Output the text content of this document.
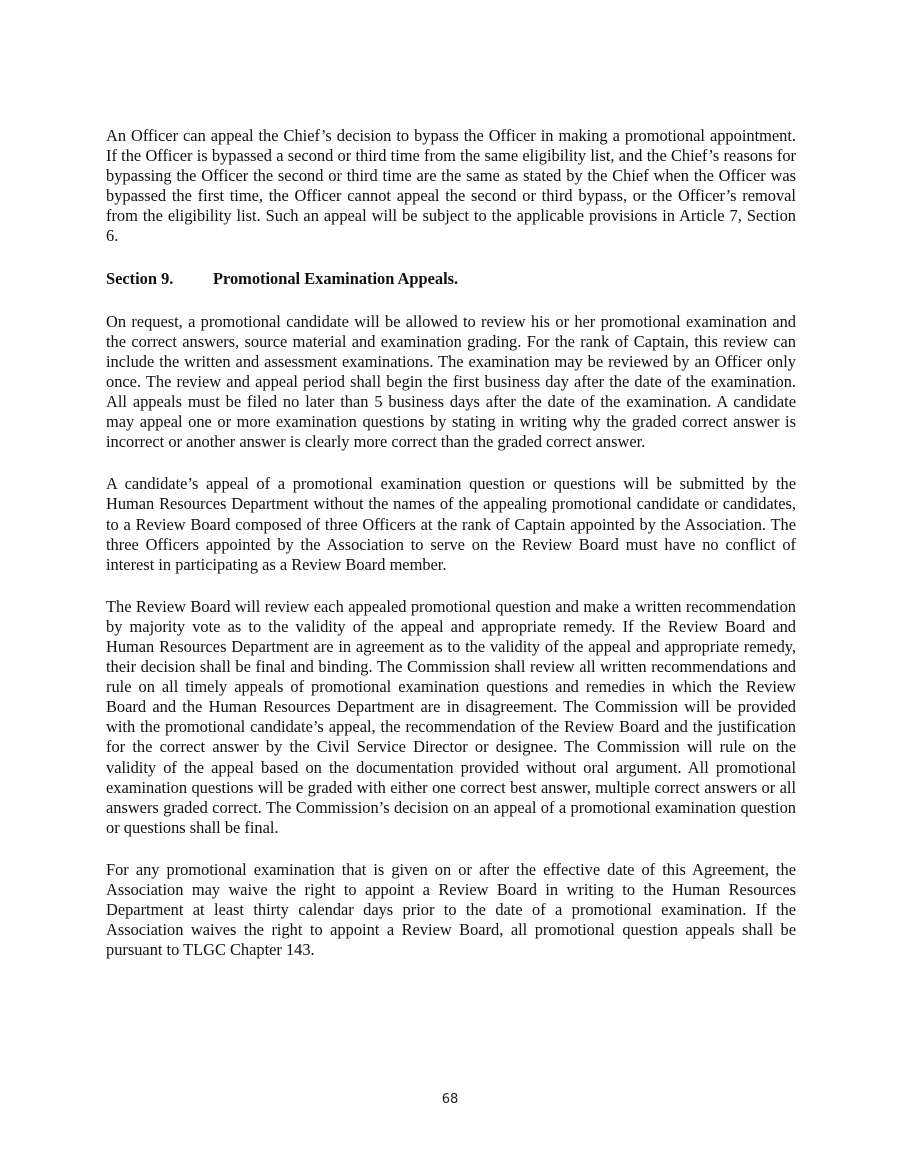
An Officer can appeal the Chief’s decision to bypass the Officer in making a promotional appointment. If the Officer is bypassed a second or third time from the same eligibility list, and the Chief’s reasons for bypassing the Officer the second or third time are the same as stated by the Chief when the Officer was bypassed the first time, the Officer cannot appeal the second or third bypass, or the Officer’s removal from the eligibility list. Such an appeal will be subject to the applicable provisions in Article 7, Section 6.

Section 9.	Promotional Examination Appeals.

On request, a promotional candidate will be allowed to review his or her promotional examination and the correct answers, source material and examination grading. For the rank of Captain, this review can include the written and assessment examinations. The examination may be reviewed by an Officer only once. The review and appeal period shall begin the first business day after the date of the examination. All appeals must be filed no later than 5 business days after the date of the examination. A candidate may appeal one or more examination questions by stating in writing why the graded correct answer is incorrect or another answer is clearly more correct than the graded correct answer.

A candidate’s appeal of a promotional examination question or questions will be submitted by the Human Resources Department without the names of the appealing promotional candidate or candidates, to a Review Board composed of three Officers at the rank of Captain appointed by the Association. The three Officers appointed by the Association to serve on the Review Board must have no conflict of interest in participating as a Review Board member.

The Review Board will review each appealed promotional question and make a written recommendation by majority vote as to the validity of the appeal and appropriate remedy. If the Review Board and Human Resources Department are in agreement as to the validity of the appeal and appropriate remedy, their decision shall be final and binding. The Commission shall review all written recommendations and rule on all timely appeals of promotional examination questions and remedies in which the Review Board and the Human Resources Department are in disagreement. The Commission will be provided with the promotional candidate’s appeal, the recommendation of the Review Board and the justification for the correct answer by the Civil Service Director or designee. The Commission will rule on the validity of the appeal based on the documentation provided without oral argument. All promotional examination questions will be graded with either one correct best answer, multiple correct answers or all answers graded correct. The Commission’s decision on an appeal of a promotional examination question or questions shall be final.

For any promotional examination that is given on or after the effective date of this Agreement, the Association may waive the right to appoint a Review Board in writing to the Human Resources Department at least thirty calendar days prior to the date of a promotional examination. If the Association waives the right to appoint a Review Board, all promotional question appeals shall be pursuant to TLGC Chapter 143.

68
